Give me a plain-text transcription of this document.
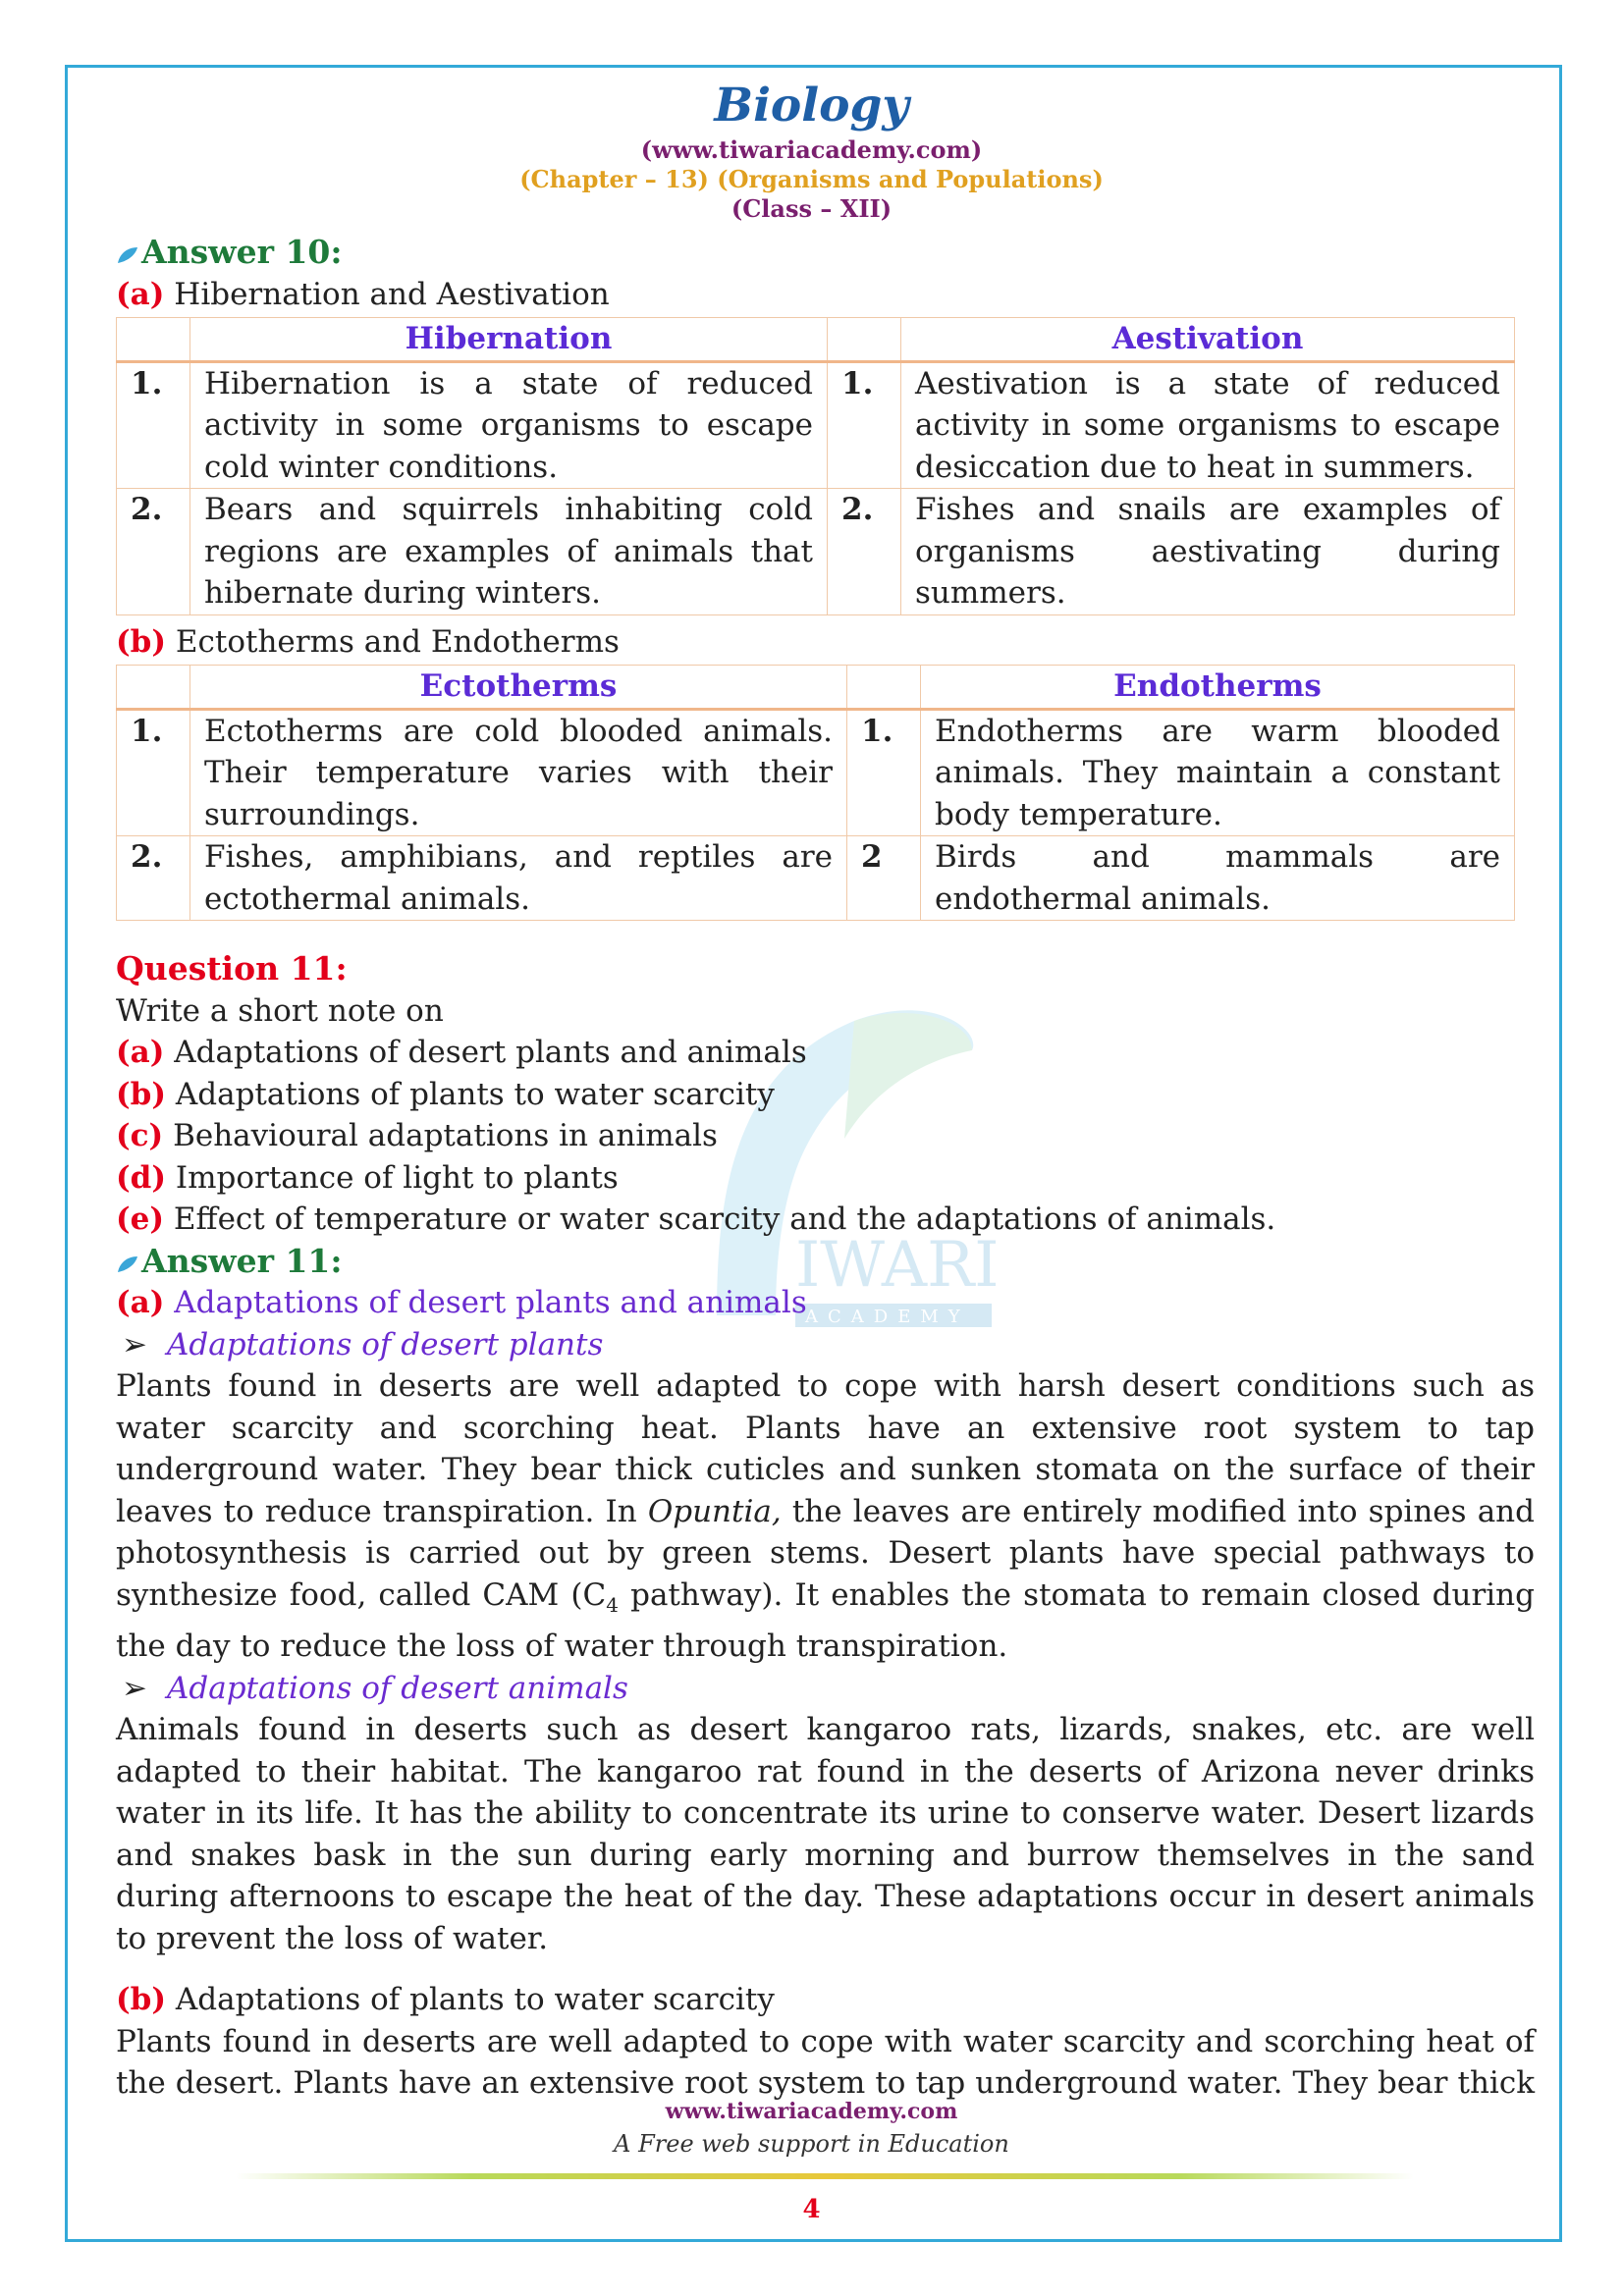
Biology
(www.tiwariacademy.com)
(Chapter – 13) (Organisms and Populations)
(Class – XII)
IWARI
ACADEMY

Answer 10:

(a) Hibernation and Aestivation

	Hibernation		Aestivation
1.	Hibernation is a state of reduced activity in some organisms to escape cold winter conditions.	1.	Aestivation is a state of reduced activity in some organisms to escape desiccation due to heat in summers.
2.	Bears and squirrels inhabiting cold regions are examples of animals that hibernate during winters.	2.	Fishes and snails are examples of organisms aestivating during summers.

(b) Ectotherms and Endotherms

	Ectotherms		Endotherms
1.	Ectotherms are cold blooded animals. Their temperature varies with their surroundings.	1.	Endotherms are warm blooded animals. They maintain a constant body temperature.
2.	Fishes, amphibians, and reptiles are ectothermal animals.	2	Birds and mammals are endothermal animals.

Question 11:

Write a short note on

(a) Adaptations of desert plants and animals

(b) Adaptations of plants to water scarcity

(c) Behavioural adaptations in animals

(d) Importance of light to plants

(e) Effect of temperature or water scarcity and the adaptations of animals.

Answer 11:

(a) Adaptations of desert plants and animals

➢ Adaptations of desert plants

Plants found in deserts are well adapted to cope with harsh desert conditions such as water scarcity and scorching heat. Plants have an extensive root system to tap underground water. They bear thick cuticles and sunken stomata on the surface of their leaves to reduce transpiration. In Opuntia, the leaves are entirely modified into spines and photosynthesis is carried out by green stems. Desert plants have special pathways to synthesize food, called CAM ($C_4$ pathway). It enables the stomata to remain closed during the day to reduce the loss of water through transpiration.

➢ Adaptations of desert animals

Animals found in deserts such as desert kangaroo rats, lizards, snakes, etc. are well adapted to their habitat. The kangaroo rat found in the deserts of Arizona never drinks water in its life. It has the ability to concentrate its urine to conserve water. Desert lizards and snakes bask in the sun during early morning and burrow themselves in the sand during afternoons to escape the heat of the day. These adaptations occur in desert animals to prevent the loss of water.

(b) Adaptations of plants to water scarcity

Plants found in deserts are well adapted to cope with water scarcity and scorching heat of the desert. Plants have an extensive root system to tap underground water. They bear thick

www.tiwariacademy.com
A Free web support in Education
4
